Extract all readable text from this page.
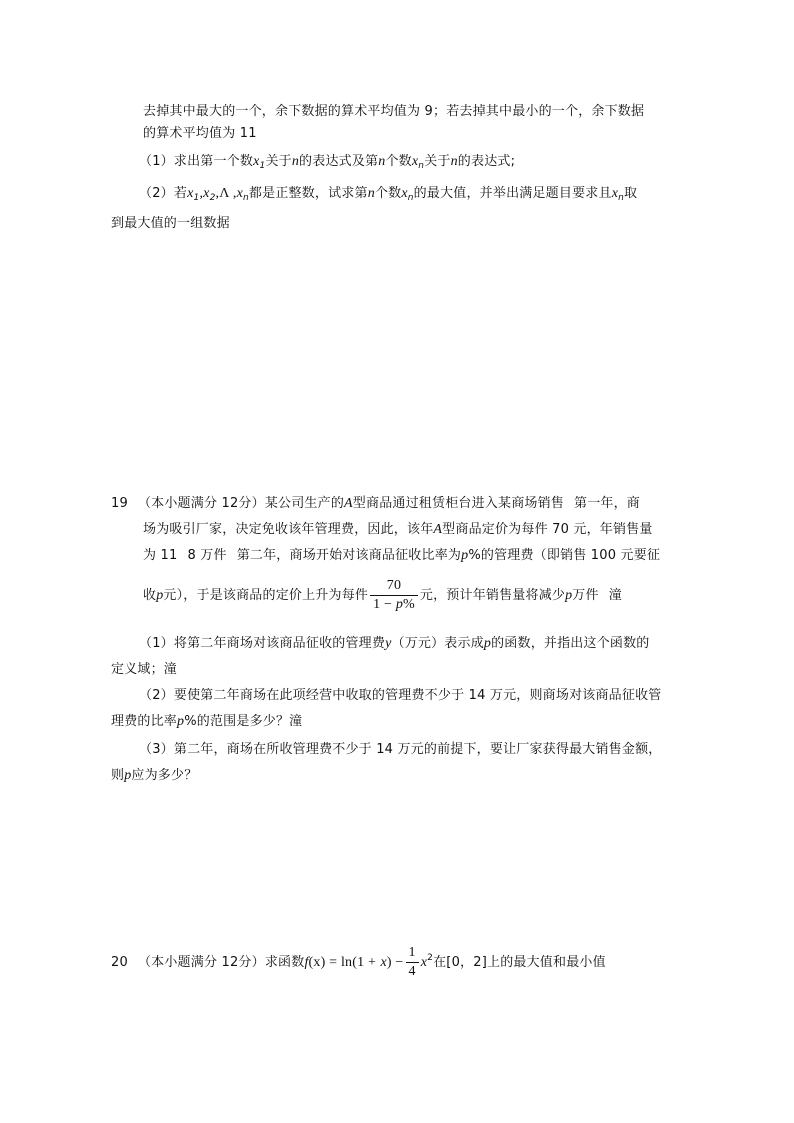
去掉其中最大的一个，余下数据的算术平均值为 9；若去掉其中最小的一个，余下数据
的算术平均值为 11
（1）求出第一个数$x_1$关于n的表达式及第n个数$x_n$关于n的表达式;
（2）若$x_1,x_2,\Lambda$ $,x_n$都是正整数，试求第n个数$x_n$的最大值，并举出满足题目要求且$x_n$取
到最大值的一组数据
19 （本小题满分 12分）某公司生产的A型商品通过租赁柜台进入某商场销售 第一年，商
场为吸引厂家，决定免收该年管理费，因此，该年A型商品定价为每件 70 元，年销售量
为 11 8 万件 第二年，商场开始对该商品征收比率为p%的管理费（即销售 100 元要征
收p元），于是该商品的定价上升为每件 $\frac{70}{1 - p\%}$ 元，预计年销售量将减少p万件 潼
（1）将第二年商场对该商品征收的管理费y（万元）表示成p的函数，并指出这个函数的
定义域；潼
（2）要使第二年商场在此项经营中收取的管理费不少于 14 万元，则商场对该商品征收管
理费的比率p%的范围是多少？潼
（3）第二年，商场在所收管理费不少于 14 万元的前提下，要让厂家获得最大销售金额，
则p应为多少？
20 （本小题满分 12分）求函数$f(x) = \ln(1 + x) - \frac{1}{4} x^2$在[0，2]上的最大值和最小值
